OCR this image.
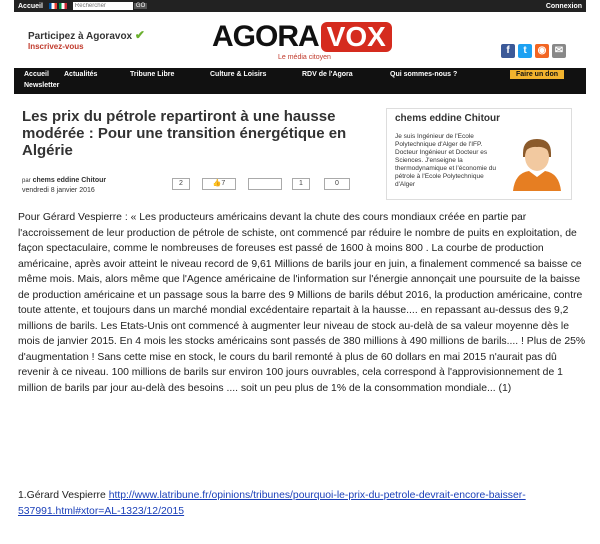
Accueil
Rechercher	GO	Connexion
Participez à Agoravox ✔
Inscrivez-vous	AGORA VOX
Le média citoyen
f	t	◉ ✉
Accueil Actualités	Tribune Libre	Culture & Loisirs	RDV de l'Agora	Qui sommes-nous ?	Faire un don
Newsletter
Les prix du pétrole repartiront à une hausse modérée : Pour une transition énergétique en Algérie
par chems eddine Chitour
vendredi 8 janvier 2016
2	👍7	1	0
chems eddine Chitour
Je suis Ingénieur de l'Ecole Polytechnique d'Alger de l'IFP. Docteur Ingénieur et Docteur es Sciences. J'enseigne la thermodynamique et l'économie du pétrole à l'Ecole Polytechnique d'Alger
Pour Gérard Vespierre : « Les producteurs américains devant la chute des cours mondiaux créée en partie par l'accroissement de leur production de pétrole de schiste, ont commencé par réduire le nombre de puits en exploitation, de façon spectaculaire, comme le nombreuses de foreuses est passé de 1600 à moins 800 . La courbe de production américaine, après avoir atteint le niveau record de 9,61 Millions de barils jour en juin, a finalement commencé sa baisse ce même mois. Mais, alors même que l'Agence américaine de l'information sur l'énergie annonçait une poursuite de la baisse de production américaine et un passage sous la barre des 9 Millions de barils début 2016, la production américaine, contre toute attente, et toujours dans un marché mondial excédentaire repartait à la hausse.... en repassant au-dessus des 9,2 millions de barils. Les Etats-Unis ont commencé à augmenter leur niveau de stock au-delà de sa valeur moyenne dès le mois de janvier 2015. En 4 mois les stocks américains sont passés de 380 millions à 490 millions de barils.... ! Plus de 25% d'augmentation ! Sans cette mise en stock, le cours du baril remonté à plus de 60 dollars en mai 2015 n'aurait pas dû revenir à ce niveau. 100 millions de barils sur environ 100 jours ouvrables, cela correspond à l'approvisionnement de 1 million de barils par jour au-delà des besoins .... soit un peu plus de 1% de la consommation mondiale... (1)
1.Gérard Vespierre http://www.latribune.fr/opinions/tribunes/pourquoi-le-prix-du-petrole-devrait-encore-baisser-537991.html#xtor=AL-1323/12/2015
